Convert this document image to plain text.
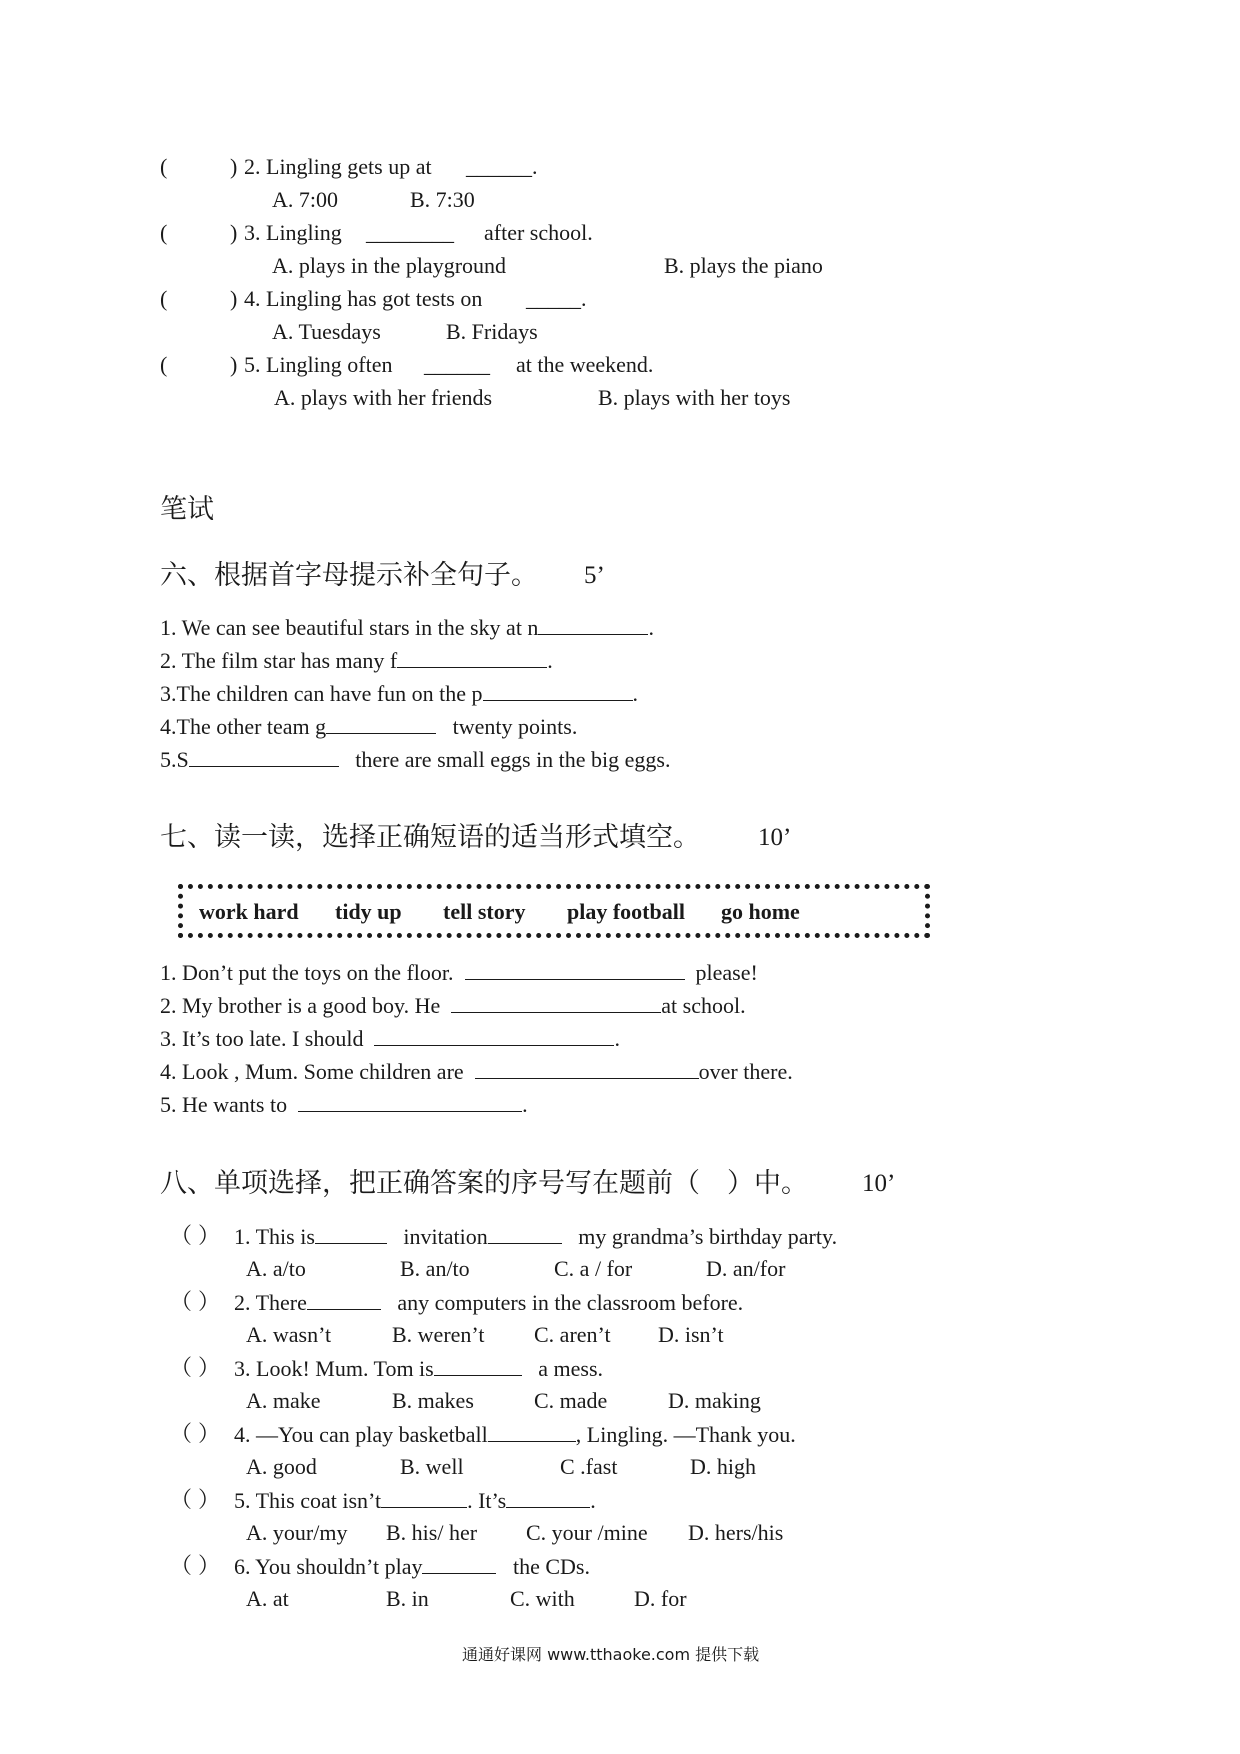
(	) 2. Lingling gets up at ______.
A. 7:00	B. 7:30
(	) 3. Lingling ________ after school.
A. plays in the playground	B. plays the piano
(	) 4. Lingling has got tests on _____.
A. Tuesdays	B. Fridays
(	) 5. Lingling often ______ at the weekend.
A. plays with her friends	B. plays with her toys
笔试
六、根据首字母提示补全句子。 5’
1. We can see beautiful stars in the sky at n	.
2. The film star has many f	.
3.The children can have fun on the p	.
4.The other team g	twenty points.
5.S	there are small eggs in the big eggs.
七、读一读，选择正确短语的适当形式填空。 10’
work hard tidy up tell story play football go home
1. Don’t put the toys on the floor.	please!
2. My brother is a good boy. He	at school.
3. It’s too late. I should	.
4. Look , Mum. Some children are	over there.
5. He wants to	.
八、单项选择，把正确答案的序号写在题前（　）中。 10’
（ ） 1. This is	invitation	my grandma’s birthday party.
A. a/to	B. an/to	C. a / for	D. an/for
（ ） 2. There	any computers in the classroom before.
A. wasn’t	B. weren’t C. aren’t D. isn’t
（ ） 3. Look! Mum. Tom is	a mess.
A. make	B. makes	C. made	D. making
（ ） 4. —You can play basketball	, Lingling. —Thank you.
A. good	B. well	C .fast	D. high
（ ） 5. This coat isn’t	. It’s	.
A. your/my B. his/ her C. your /mine D. hers/his
（ ） 6. You shouldn’t play	the CDs.
A. at	B. in	C. with	D. for
通通好课网 www.tthaoke.com 提供下载
